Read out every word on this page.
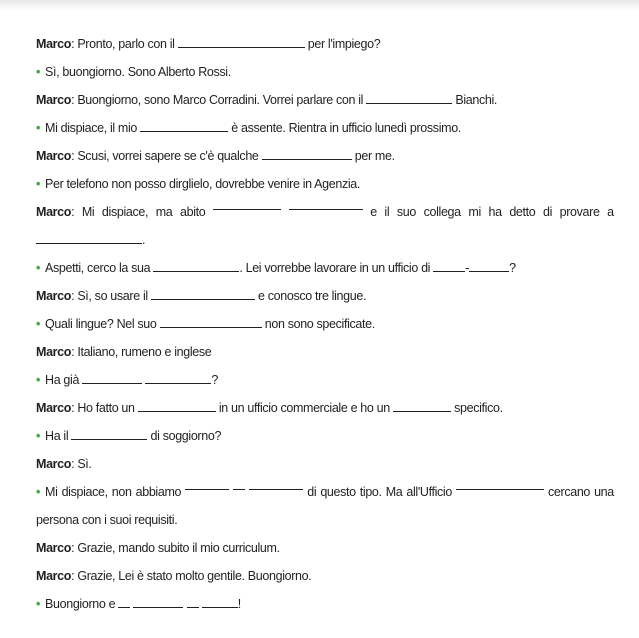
Marco: Pronto, parlo con il	per l'impiego?
• Sì, buongiorno. Sono Alberto Rossi.
Marco: Buongiorno, sono Marco Corradini. Vorrei parlare con il	Bianchi.
• Mi dispiace, il mio	è assente. Rientra in ufficio lunedì prossimo.
Marco: Scusi, vorrei sapere se c'è qualche	per me.
• Per telefono non posso dirglielo, dovrebbe venire in Agenzia.
Marco: Mi dispiace, ma abito	e il suo collega mi ha detto di provare a
.
• Aspetti, cerco la sua	. Lei vorrebbe lavorare in un ufficio di	-	?
Marco: Sì, so usare il	e conosco tre lingue.
• Quali lingue? Nel suo	non sono specificate.
Marco: Italiano, rumeno e inglese
• Ha già	?
Marco: Ho fatto un	in un ufficio commerciale e ho un	specifico.
• Ha il	di soggiorno?
Marco: Sì.
• Mi dispiace, non abbiamo	di questo tipo. Ma all'Ufficio	cercano una
persona con i suoi requisiti.
Marco: Grazie, mando subito il mio curriculum.
Marco: Grazie, Lei è stato molto gentile. Buongiorno.
• Buongiorno e	!
